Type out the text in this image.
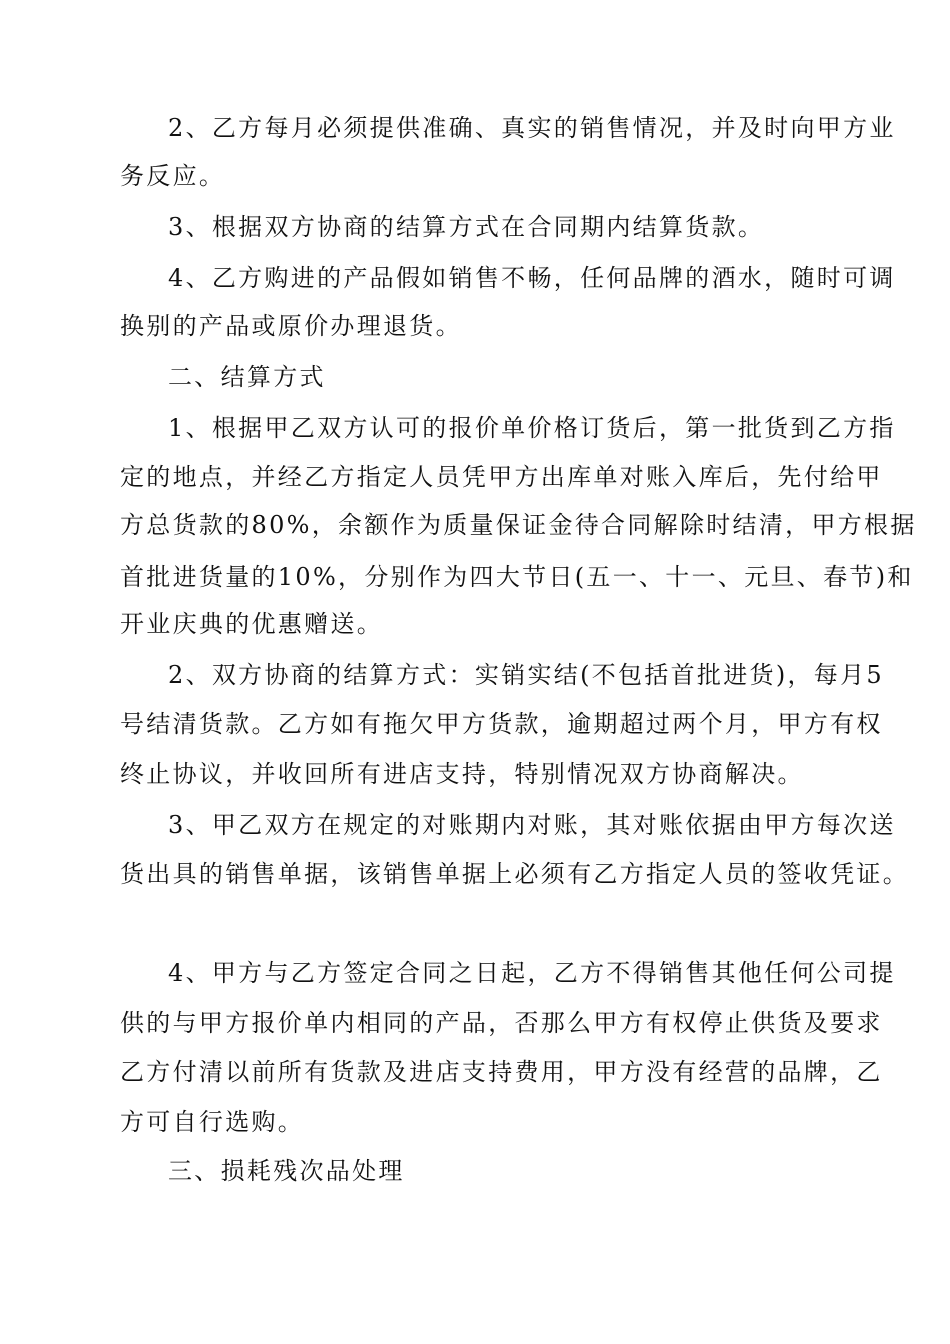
2、乙方每月必须提供准确、真实的销售情况，并及时向甲方业

务反应。

3、根据双方协商的结算方式在合同期内结算货款。

4、乙方购进的产品假如销售不畅，任何品牌的酒水，随时可调

换别的产品或原价办理退货。

二、结算方式

1、根据甲乙双方认可的报价单价格订货后，第一批货到乙方指

定的地点，并经乙方指定人员凭甲方出库单对账入库后，先付给甲

方总货款的80%，余额作为质量保证金待合同解除时结清，甲方根据

首批进货量的10%，分别作为四大节日(五一、十一、元旦、春节)和

开业庆典的优惠赠送。

2、双方协商的结算方式：实销实结(不包括首批进货)，每月5

号结清货款。乙方如有拖欠甲方货款，逾期超过两个月，甲方有权

终止协议，并收回所有进店支持，特别情况双方协商解决。

3、甲乙双方在规定的对账期内对账，其对账依据由甲方每次送

货出具的销售单据，该销售单据上必须有乙方指定人员的签收凭证。

4、甲方与乙方签定合同之日起，乙方不得销售其他任何公司提

供的与甲方报价单内相同的产品，否那么甲方有权停止供货及要求

乙方付清以前所有货款及进店支持费用，甲方没有经营的品牌，乙

方可自行选购。

三、损耗残次品处理
